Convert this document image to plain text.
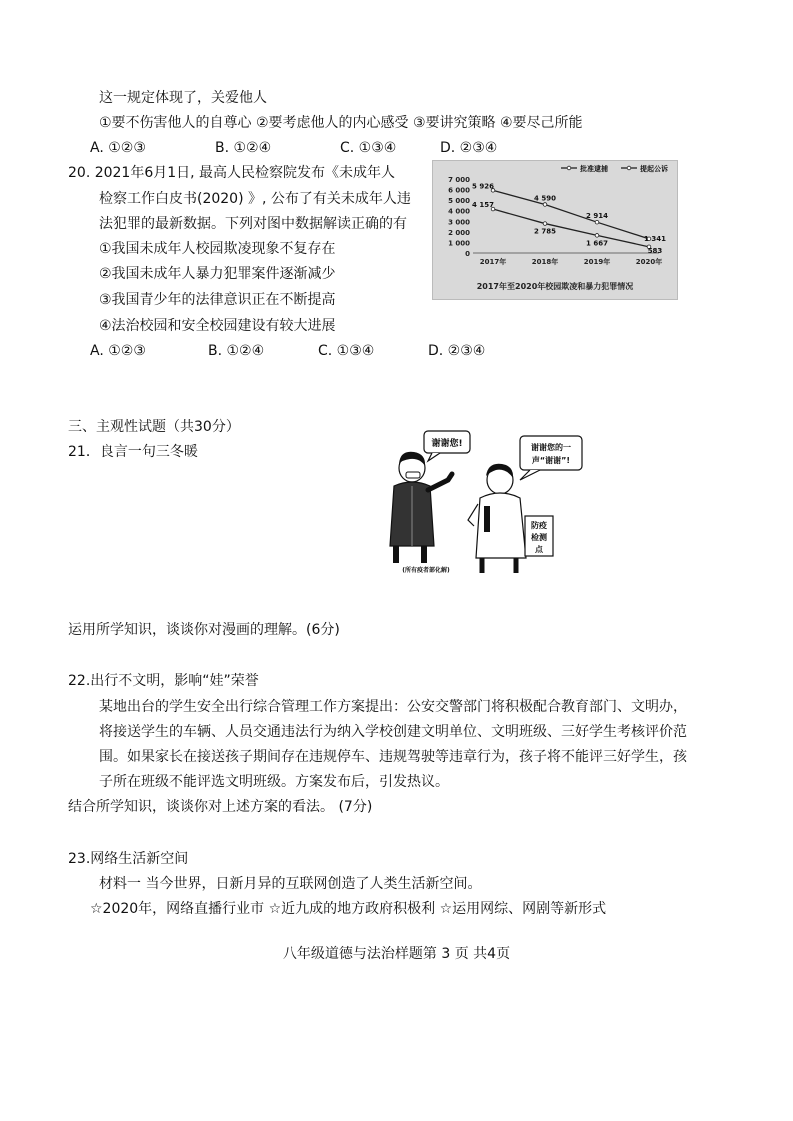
这一规定体现了，关爱他人
①要不伤害他人的自尊心 ②要考虑他人的内心感受 ③要讲究策略 ④要尽己所能
A. ①②③	B. ①②④	C. ①③④	D. ②③④
20. 2021年6月1日, 最高人民检察院发布《未成年人
检察工作白皮书(2020) 》, 公布了有关未成年人违
法犯罪的最新数据。下列对图中数据解读正确的有
①我国未成年人校园欺凌现象不复存在
②我国未成年人暴力犯罪案件逐渐减少
③我国青少年的法律意识正在不断提高
④法治校园和安全校园建设有较大进展
A. ①②③	B. ①②④	C. ①③④	D. ②③④
批准逮捕	提起公诉
7 000
6 000
5 000
4 000
3 000
2 000
1 000
0
2017年	2018年	2019年	2020年
4 157
2 785
1 667
583
5 926
4 590
2 914
1 341
2017年至2020年校园欺凌和暴力犯罪情况
三、主观性试题（共30分）
21．良言一句三冬暖	谢谢您!	谢谢您的一
声“谢谢”!
防疫
检测
点
(所有疫者部化解)
运用所学知识，谈谈你对漫画的理解。(6分)
22.出行不文明，影响“娃”荣誉
某地出台的学生安全出行综合管理工作方案提出：公安交警部门将积极配合教育部门、文明办，
将接送学生的车辆、人员交通违法行为纳入学校创建文明单位、文明班级、三好学生考核评价范
围。如果家长在接送孩子期间存在违规停车、违规驾驶等违章行为，孩子将不能评三好学生，孩
子所在班级不能评选文明班级。方案发布后，引发热议。
结合所学知识，谈谈你对上述方案的看法。 (7分)
23.网络生活新空间
材料一 当今世界，日新月异的互联网创造了人类生活新空间。
☆2020年，网络直播行业市 ☆近九成的地方政府积极利 ☆运用网综、网剧等新形式
八年级道德与法治样题第 3 页 共4页
